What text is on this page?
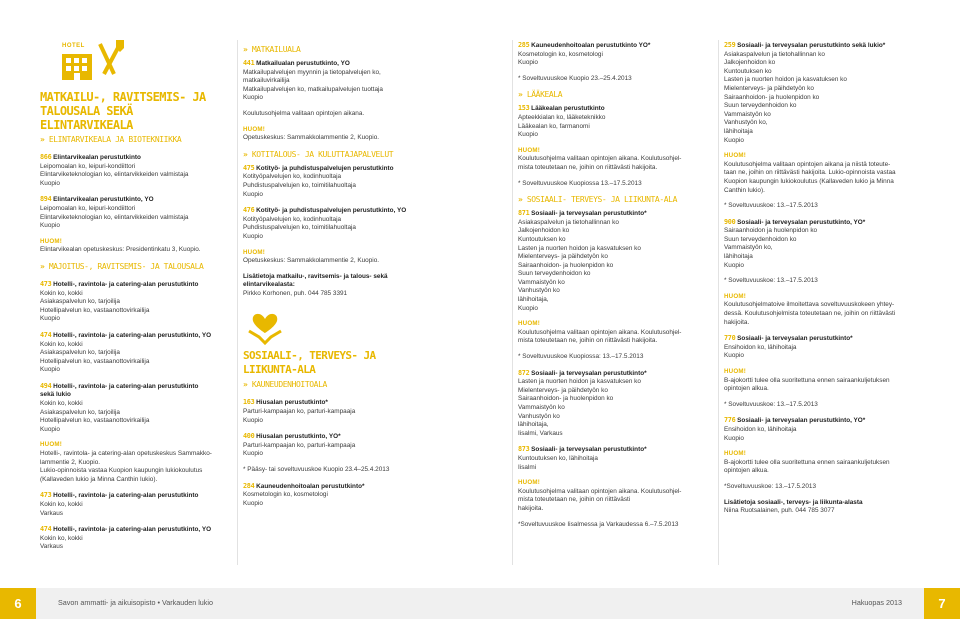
HOTEL
MATKAILU-, RAVITSEMIS- JA
TALOUSALA SEKÄ ELINTARVIKEALA
» ELINTARVIKEALA JA BIOTEKNIIKKA
866 Elintarvikealan perustutkinto
Leipomoalan ko, leipuri-kondiittori
Elintarviketeknologian ko, elintarvikkeiden valmistaja
Kuopio
894 Elintarvikealan perustutkinto, YO
Leipomoalan ko, leipuri-kondiittori
Elintarviketeknologian ko, elintarvikkeiden valmistaja
Kuopio
HUOM!
Elintarvikealan opetuskeskus: Presidentinkatu 3, Kuopio.
» MAJOITUS-, RAVITSEMIS- JA TALOUSALA
473 Hotelli-, ravintola- ja catering-alan perustutkinto
Kokin ko, kokki
Asiakaspalvelun ko, tarjoilija
Hotellipalvelun ko, vastaanottovirkailija
Kuopio
474 Hotelli-, ravintola- ja catering-alan perustutkinto, YO
Kokin ko, kokki
Asiakaspalvelun ko, tarjoilija
Hotellipalvelun ko, vastaanottovirkailija
Kuopio
494 Hotelli-, ravintola- ja catering-alan perustutkinto
sekä lukio
Kokin ko, kokki
Asiakaspalvelun ko, tarjoilija
Hotellipalvelun ko, vastaanottovirkailija
Kuopio
HUOM!
Hotelli-, ravintola- ja catering-alan opetuskeskus Sammakko-
lammentie 2, Kuopio.
Lukio-opinnoista vastaa Kuopion kaupungin lukiokoulutus
(Kallaveden lukio ja Minna Canthin lukio).
473 Hotelli-, ravintola- ja catering-alan perustutkinto
Kokin ko, kokki
Varkaus
474 Hotelli-, ravintola- ja catering-alan perustutkinto, YO
Kokin ko, kokki
Varkaus
» MATKAILUALA
441 Matkailualan perustutkinto, YO
Matkailupalvelujen myynnin ja tietopalvelujen ko,
matkailuvirkailija
Matkailupalvelujen ko, matkailupalvelujen tuottaja
Kuopio
Koulutusohjelma valitaan opintojen aikana.
HUOM!
Opetuskeskus: Sammakkolammentie 2, Kuopio.
» KOTITALOUS- JA KULUTTAJAPALVELUT
475 Kotityö- ja puhdistuspalvelujen perustutkinto
Kotityöpalvelujen ko, kodinhuoltaja
Puhdistuspalvelujen ko, toimitilahuoltaja
Kuopio
476 Kotityö- ja puhdistuspalvelujen perustutkinto, YO
Kotityöpalvelujen ko, kodinhuoltaja
Puhdistuspalvelujen ko, toimitilahuoltaja
Kuopio
HUOM!
Opetuskeskus: Sammakkolammentie 2, Kuopio.
Lisätietoja matkailu-, ravitsemis- ja talous- sekä
elintarvikealasta:
Pirkko Korhonen, puh. 044 785 3391
SOSIAALI-, TERVEYS- JA LIIKUNTA-ALA
» KAUNEUDENHOITOALA
163 Hiusalan perustutkinto*
Parturi-kampaajan ko, parturi-kampaaja
Kuopio
400 Hiusalan perustutkinto, YO*
Parturi-kampaajan ko, parturi-kampaaja
Kuopio
* Pääsy- tai soveltuvuuskoe Kuopio 23.4–25.4.2013
284 Kauneudenhoitoalan perustutkinto*
Kosmetologin ko, kosmetologi
Kuopio
285 Kauneudenhoitoalan perustutkinto YO*
Kosmetologin ko, kosmetologi
Kuopio
* Soveltuvuuskoe Kuopio 23.–25.4.2013
» LÄÄKEALA
153 Lääkealan perustutkinto
Apteekkialan ko, lääketeknikko
Lääkealan ko, farmanomi
Kuopio
HUOM!
Koulutusohjelma valitaan opintojen aikana. Koulutusohjel-
mista toteutetaan ne, joihin on riittävästi hakijoita.
* Soveltuvuuskoe Kuopiossa 13.–17.5.2013
» SOSIAALI- TERVEYS- JA LIIKUNTA-ALA
871 Sosiaali- ja terveysalan perustutkinto*
Asiakaspalvelun ja tietohallinnan ko
Jalkojenhoidon ko
Kuntoutuksen ko
Lasten ja nuorten hoidon ja kasvatuksen ko
Mielenterveys- ja päihdetyön ko
Sairaanhoidon- ja huolenpidon ko
Suun terveydenhoidon ko
Vammaistyön ko
Vanhustyön ko
lähihoitaja,
Kuopio
HUOM!
Koulutusohjelma valitaan opintojen aikana. Koulutusohjel-
mista toteutetaan ne, joihin on riittävästi hakijoita.
* Soveltuvuuskoe Kuopiossa: 13.–17.5.2013
872 Sosiaali- ja terveysalan perustutkinto*
Lasten ja nuorten hoidon ja kasvatuksen ko
Mielenterveys- ja päihdetyön ko
Sairaanhoidon- ja huolenpidon ko
Vammaistyön ko
Vanhustyön ko
lähihoitaja,
Iisalmi, Varkaus
873 Sosiaali- ja terveysalan perustutkinto*
Kuntoutuksen ko, lähihoitaja
Iisalmi
HUOM!
Koulutusohjelma valitaan opintojen aikana. Koulutusohjel-
mista toteutetaan ne, joihin on riittävästi
hakijoita.
*Soveltuvuuskoe Iisalmessa ja Varkaudessa 6.–7.5.2013
259 Sosiaali- ja terveysalan perustutkinto sekä lukio*
Asiakaspalvelun ja tietohallinnan ko
Jalkojenhoidon ko
Kuntoutuksen ko
Lasten ja nuorten hoidon ja kasvatuksen ko
Mielenterveys- ja päihdetyön ko
Sairaanhoidon- ja huolenpidon ko
Suun terveydenhoidon ko
Vammaistyön ko
Vanhustyön ko,
lähihoitaja
Kuopio
HUOM!
Koulutusohjelma valitaan opintojen aikana ja niistä toteute-
taan ne, joihin on riittävästi hakijoita. Lukio-opinnoista vastaa
Kuopion kaupungin lukiokoulutus (Kallaveden lukio ja Minna
Canthin lukio).
* Soveltuvuuskoe: 13.–17.5.2013
900 Sosiaali- ja terveysalan perustutkinto, YO*
Sairaanhoidon ja huolenpidon ko
Suun terveydenhoidon ko
Vammaistyön ko,
lähihoitaja
Kuopio
* Soveltuvuuskoe: 13.–17.5.2013
HUOM!
Koulutusohjelmatoive ilmoitettava soveltuvuuskokeen yhtey-
dessä. Koulutusohjelmista toteutetaan ne, joihin on riittävästi
hakijoita.
770 Sosiaali- ja terveysalan perustutkinto*
Ensihoidon ko, lähihoitaja
Kuopio
HUOM!
B-ajokortti tulee olla suoritettuna ennen sairaankuljetuksen
opintojen alkua.
* Soveltuvuuskoe: 13.–17.5.2013
776 Sosiaali- ja terveysalan perustutkinto, YO*
Ensihoidon ko, lähihoitaja
Kuopio
HUOM!
B-ajokortti tulee olla suoritettuna ennen sairaankuljetuksen
opintojen alkua.
*Soveltuvuuskoe: 13.–17.5.2013
Lisätietoja sosiaali-, terveys- ja liikunta-alasta
Niina Ruotsalainen, puh. 044 785 3077
6	Savon ammatti- ja aikuisopisto • Varkauden lukio	Hakuopas 2013	7
